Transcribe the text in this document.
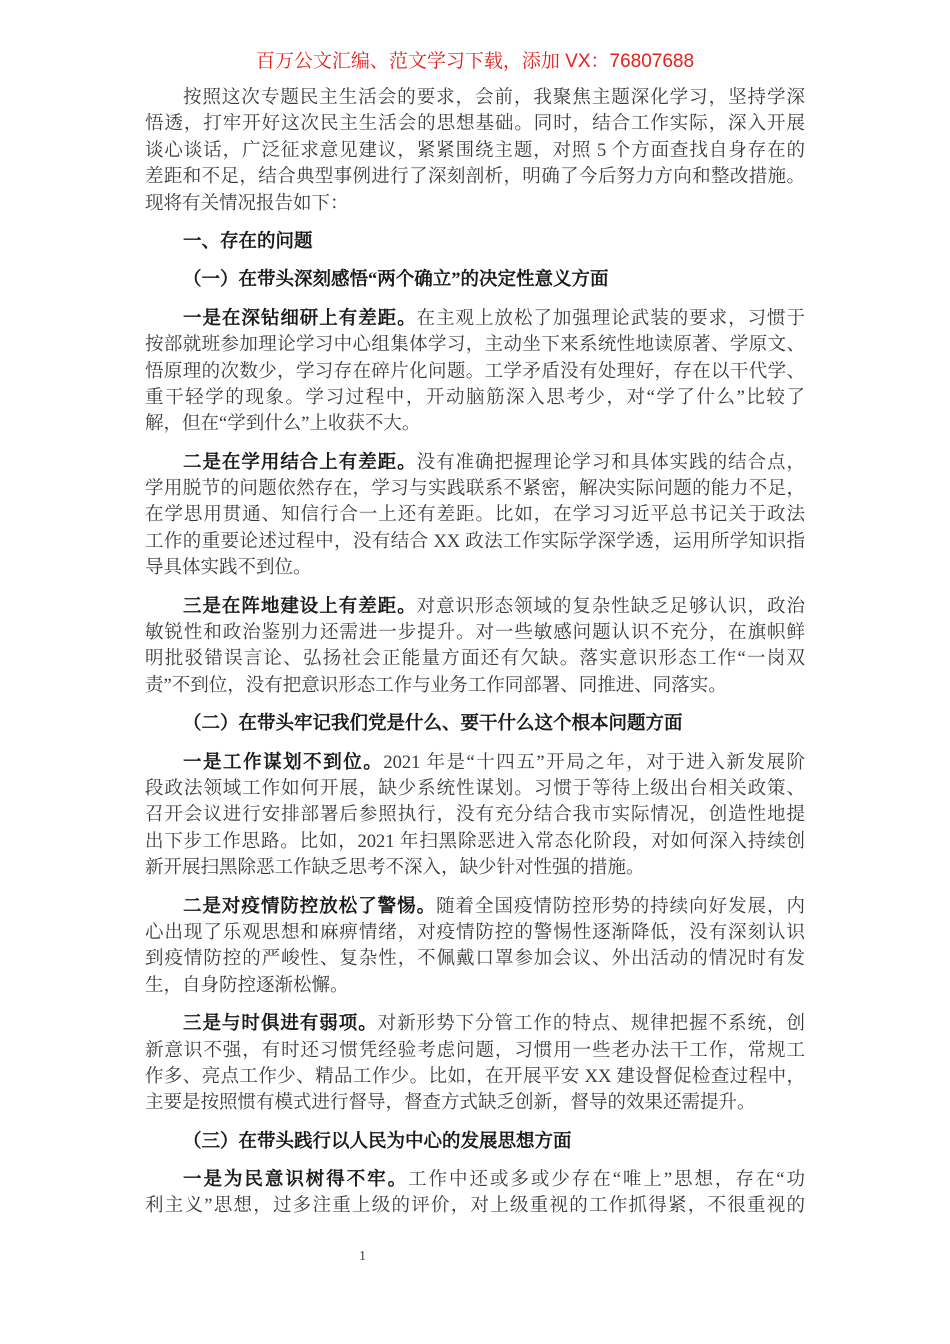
百万公文汇编、范文学习下载，添加 VX：76807688
按照这次专题民主生活会的要求，会前，我聚焦主题深化学习，坚持学深
悟透，打牢开好这次民主生活会的思想基础。同时，结合工作实际，深入开展
谈心谈话，广泛征求意见建议，紧紧围绕主题，对照 5 个方面查找自身存在的
差距和不足，结合典型事例进行了深刻剖析，明确了今后努力方向和整改措施。
现将有关情况报告如下：
一、存在的问题
（一）在带头深刻感悟“两个确立”的决定性意义方面
一是在深钻细研上有差距。在主观上放松了加强理论武装的要求，习惯于
按部就班参加理论学习中心组集体学习，主动坐下来系统性地读原著、学原文、
悟原理的次数少，学习存在碎片化问题。工学矛盾没有处理好，存在以干代学、
重干轻学的现象。学习过程中，开动脑筋深入思考少，对“学了什么”比较了
解，但在“学到什么”上收获不大。
二是在学用结合上有差距。没有准确把握理论学习和具体实践的结合点，
学用脱节的问题依然存在，学习与实践联系不紧密，解决实际问题的能力不足，
在学思用贯通、知信行合一上还有差距。比如，在学习习近平总书记关于政法
工作的重要论述过程中，没有结合 XX 政法工作实际学深学透，运用所学知识指
导具体实践不到位。
三是在阵地建设上有差距。对意识形态领域的复杂性缺乏足够认识，政治
敏锐性和政治鉴别力还需进一步提升。对一些敏感问题认识不充分，在旗帜鲜
明批驳错误言论、弘扬社会正能量方面还有欠缺。落实意识形态工作“一岗双
责”不到位，没有把意识形态工作与业务工作同部署、同推进、同落实。
（二）在带头牢记我们党是什么、要干什么这个根本问题方面
一是工作谋划不到位。2021 年是“十四五”开局之年，对于进入新发展阶
段政法领域工作如何开展，缺少系统性谋划。习惯于等待上级出台相关政策、
召开会议进行安排部署后参照执行，没有充分结合我市实际情况，创造性地提
出下步工作思路。比如，2021 年扫黑除恶进入常态化阶段，对如何深入持续创
新开展扫黑除恶工作缺乏思考不深入，缺少针对性强的措施。
二是对疫情防控放松了警惕。随着全国疫情防控形势的持续向好发展，内
心出现了乐观思想和麻痹情绪，对疫情防控的警惕性逐渐降低，没有深刻认识
到疫情防控的严峻性、复杂性，不佩戴口罩参加会议、外出活动的情况时有发
生，自身防控逐渐松懈。
三是与时俱进有弱项。对新形势下分管工作的特点、规律把握不系统，创
新意识不强，有时还习惯凭经验考虑问题，习惯用一些老办法干工作，常规工
作多、亮点工作少、精品工作少。比如，在开展平安 XX 建设督促检查过程中，
主要是按照惯有模式进行督导，督查方式缺乏创新，督导的效果还需提升。
（三）在带头践行以人民为中心的发展思想方面
一是为民意识树得不牢。工作中还或多或少存在“唯上”思想，存在“功
利主义”思想，过多注重上级的评价，对上级重视的工作抓得紧，不很重视的
1
